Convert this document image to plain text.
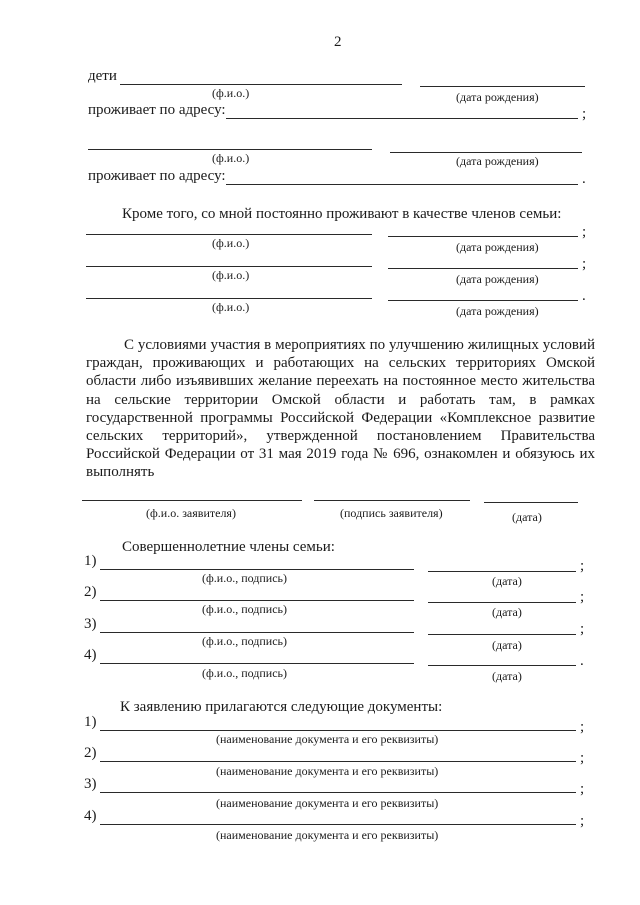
2
дети
(ф.и.о.)	(дата рождения)
проживает по адресу:	;
(ф.и.о.)	(дата рождения)
проживает по адресу:	.
Кроме того, со мной постоянно проживают в качестве членов семьи:
;
(ф.и.о.)	(дата рождения)
;
(ф.и.о.)	(дата рождения)
.
(ф.и.о.)	(дата рождения)
С условиями участия в мероприятиях по улучшению жилищных условий граждан, проживающих и работающих на сельских территориях Омской области либо изъявивших желание переехать на постоянное место жительства на сельские территории Омской области и работать там, в рамках государственной программы Российской Федерации «Комплексное развитие сельских территорий», утвержденной постановлением Правительства Российской Федерации от 31 мая 2019 года № 696, ознакомлен и обязуюсь их выполнять
(ф.и.о. заявителя)	(подпись заявителя)	(дата)
Совершеннолетние члены семьи:
1)	;
(ф.и.о., подпись)	(дата)
2)	;
(ф.и.о., подпись)	(дата)
3)	;
(ф.и.о., подпись)	(дата)
4)	.
(ф.и.о., подпись)	(дата)
К заявлению прилагаются следующие документы:
1)	;
(наименование документа и его реквизиты)
2)	;
(наименование документа и его реквизиты)
3)	;
(наименование документа и его реквизиты)
4)	;
(наименование документа и его реквизиты)
